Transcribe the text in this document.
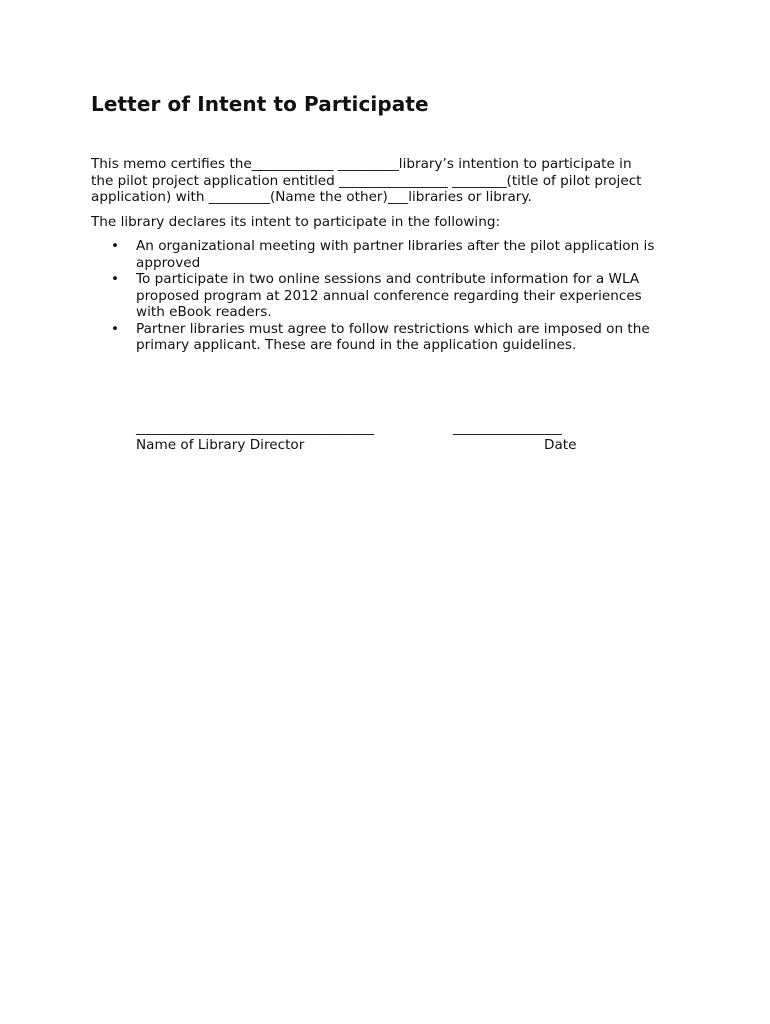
Letter of Intent to Participate
This memo certifies the____________ _________library’s intention to participate in
the pilot project application entitled ________________ ________(title of pilot project
application) with _________(Name the other)___libraries or library.
The library declares its intent to participate in the following:
• An organizational meeting with partner libraries after the pilot application is
approved
• To participate in two online sessions and contribute information for a WLA
proposed program at 2012 annual conference regarding their experiences
with eBook readers.
• Partner libraries must agree to follow restrictions which are imposed on the
primary applicant. These are found in the application guidelines.
___________________________________	________________
Name of Library Director	Date
